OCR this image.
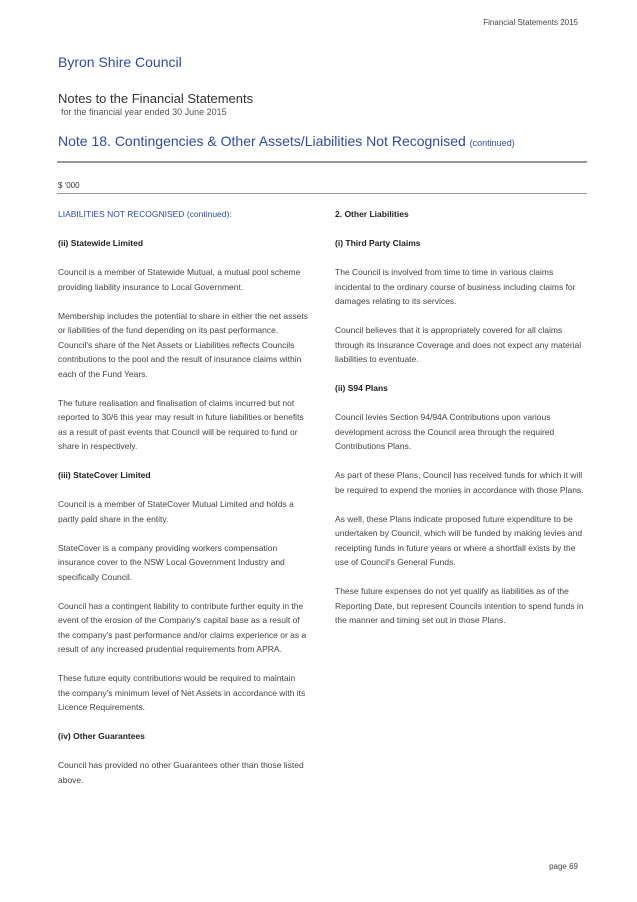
Financial Statements 2015
Byron Shire Council
Notes to the Financial Statements
for the financial year ended 30 June 2015
Note 18. Contingencies & Other Assets/Liabilities Not Recognised (continued)
$ '000

LIABILITIES NOT RECOGNISED (continued):

(ii) Statewide Limited

Council is a member of Statewide Mutual, a mutual pool scheme providing liability insurance to Local Government.

Membership includes the potential to share in either the net assets or liabilities of the fund depending on its past performance. Council's share of the Net Assets or Liabilities reflects Councils contributions to the pool and the result of insurance claims within each of the Fund Years.

The future realisation and finalisation of claims incurred but not reported to 30/6 this year may result in future liabilities or benefits as a result of past events that Council will be required to fund or share in respectively.

(iii) StateCover Limited

Council is a member of StateCover Mutual Limited and holds a partly paid share in the entity.

StateCover is a company providing workers compensation insurance cover to the NSW Local Government Industry and specifically Council.

Council has a contingent liability to contribute further equity in the event of the erosion of the Company's capital base as a result of the company's past performance and/or claims experience or as a result of any increased prudential requirements from APRA.

These future equity contributions would be required to maintain the company's minimum level of Net Assets in accordance with its Licence Requirements.

(iv) Other Guarantees

Council has provided no other Guarantees other than those listed above.

2. Other Liabilities

(i) Third Party Claims

The Council is involved from time to time in various claims incidental to the ordinary course of business including claims for damages relating to its services.

Council believes that it is appropriately covered for all claims through its Insurance Coverage and does not expect any material liabilities to eventuate.

(ii) S94 Plans

Council levies Section 94/94A Contributions upon various development across the Council area through the required Contributions Plans.

As part of these Plans, Council has received funds for which it will be required to expend the monies in accordance with those Plans.

As well, these Plans indicate proposed future expenditure to be undertaken by Council, which will be funded by making levies and receipting funds in future years or where a shortfall exists by the use of Council's General Funds.

These future expenses do not yet qualify as liabilities as of the Reporting Date, but represent Councils intention to spend funds in the manner and timing set out in those Plans.

page 69
